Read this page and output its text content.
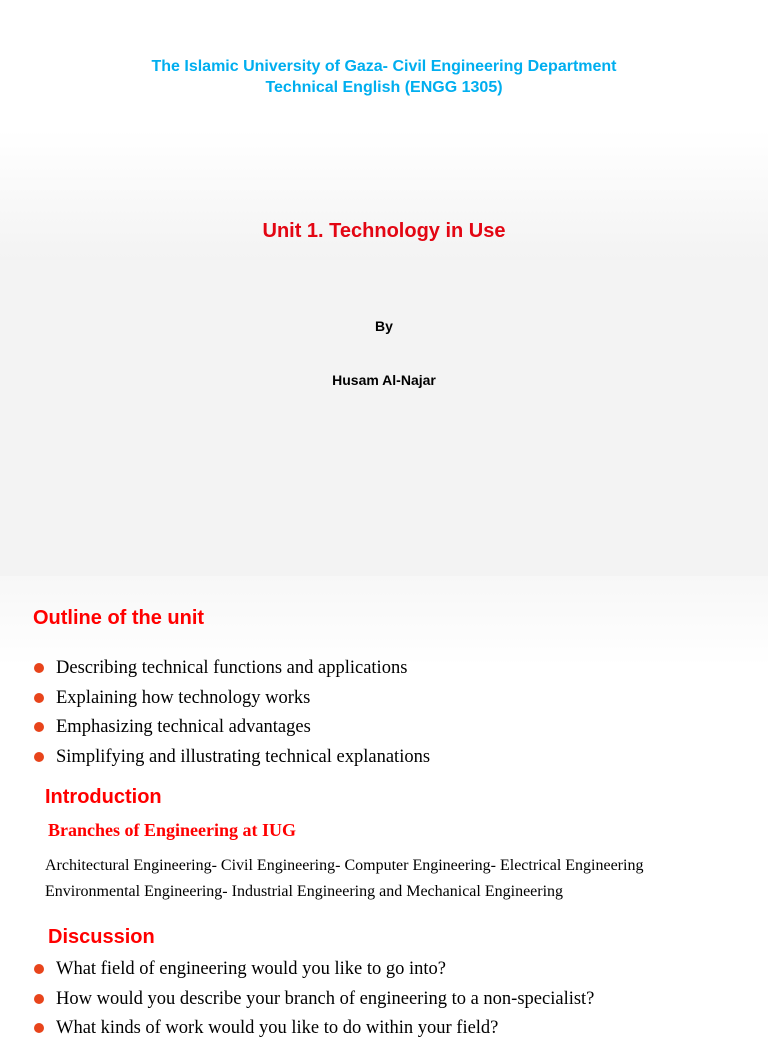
The Islamic University of Gaza- Civil Engineering Department
Technical English (ENGG 1305)
Unit 1. Technology in Use
By
Husam Al-Najar
Outline of the unit
Describing technical functions and applications
Explaining how technology works
Emphasizing technical advantages
Simplifying and illustrating technical explanations
Introduction
Branches of Engineering at IUG
Architectural Engineering- Civil Engineering- Computer Engineering- Electrical Engineering
Environmental Engineering- Industrial Engineering and Mechanical Engineering
Discussion
What field of engineering would you like to go into?
How would you describe your branch of engineering to a non-specialist?
What kinds of work would you like to do within your field?
